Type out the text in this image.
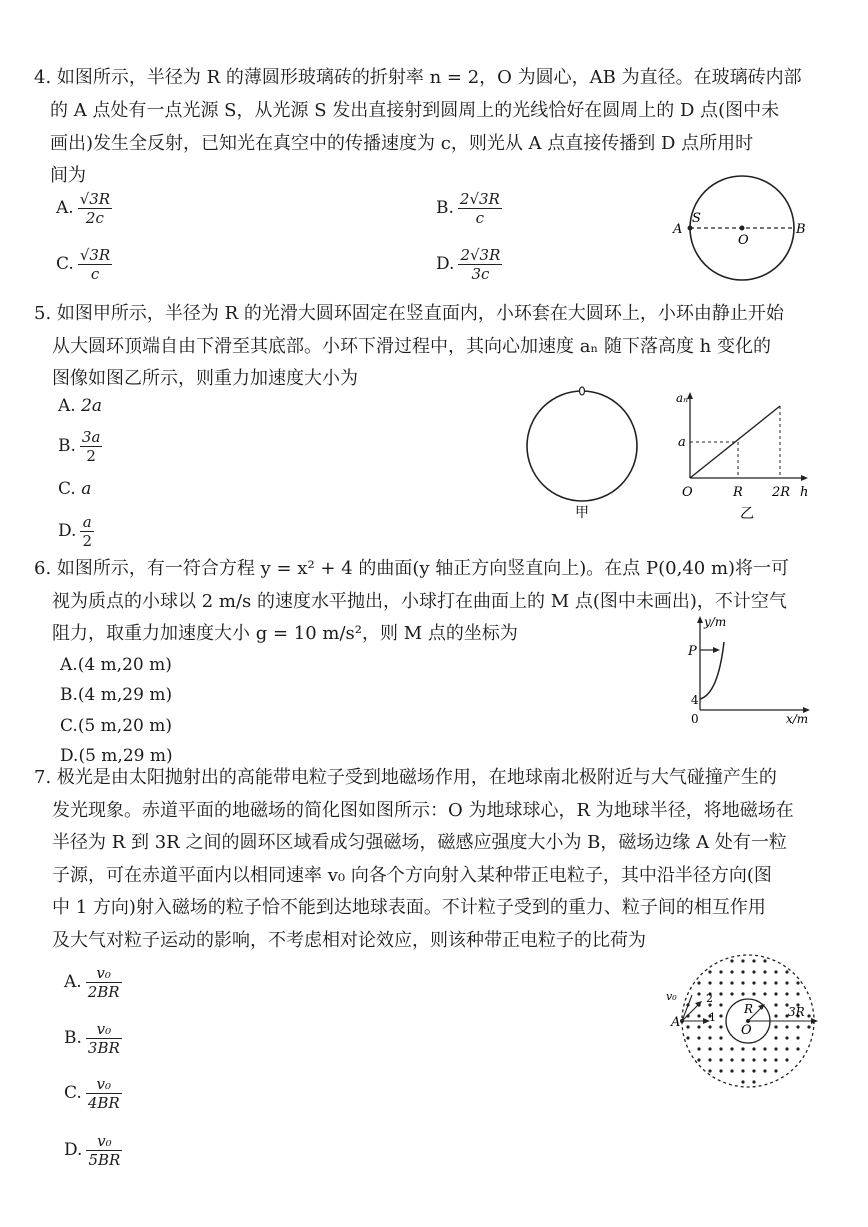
4. 如图所示，半径为 R 的薄圆形玻璃砖的折射率 n = 2，O 为圆心，AB 为直径。在玻璃砖内部
的 A 点处有一点光源 S，从光源 S 发出直接射到圆周上的光线恰好在圆周上的 D 点(图中未
画出)发生全反射，已知光在真空中的传播速度为 c，则光从 A 点直接传播到 D 点所用时
间为
A. $\frac{√3R}{2c}$	B. $\frac{2√3R}{c}$
C. $\frac{√3R}{c}$	D. $\frac{2√3R}{3c}$
A
S
O
B
5. 如图甲所示，半径为 R 的光滑大圆环固定在竖直面内，小环套在大圆环上，小环由静止开始
从大圆环顶端自由下滑至其底部。小环下滑过程中，其向心加速度 aₙ 随下落高度 h 变化的
图像如图乙所示，则重力加速度大小为
A. 2a
B. $\frac{3a}{2}$
C. a
D. $\frac{a}{2}$	甲
aₙ
a
O	R 2R h
乙
6. 如图所示，有一符合方程 y = x² + 4 的曲面(y 轴正方向竖直向上)。在点 P(0,40 m)将一可
视为质点的小球以 2 m/s 的速度水平抛出，小球打在曲面上的 M 点(图中未画出)，不计空气
阻力，取重力加速度大小 g = 10 m/s²，则 M 点的坐标为
A.(4 m,20 m)
B.(4 m,29 m)
C.(5 m,20 m)
D.(5 m,29 m)
y/m
P
4
0	x/m
7. 极光是由太阳抛射出的高能带电粒子受到地磁场作用，在地球南北极附近与大气碰撞产生的
发光现象。赤道平面的地磁场的简化图如图所示：O 为地球球心，R 为地球半径，将地磁场在
半径为 R 到 3R 之间的圆环区域看成匀强磁场，磁感应强度大小为 B，磁场边缘 A 处有一粒
子源，可在赤道平面内以相同速率 v₀ 向各个方向射入某种带正电粒子，其中沿半径方向(图
中 1 方向)射入磁场的粒子恰不能到达地球表面。不计粒子受到的重力、粒子间的相互作用
及大气对粒子运动的影响，不考虑相对论效应，则该种带正电粒子的比荷为
A. $\frac{\text{v₀}}{2BR}$
B. $\frac{\text{v₀}}{3BR}$
C. $\frac{\text{v₀}}{4BR}$
D. $\frac{\text{v₀}}{5BR}$
v₀	2
1
A
R
O
3R
